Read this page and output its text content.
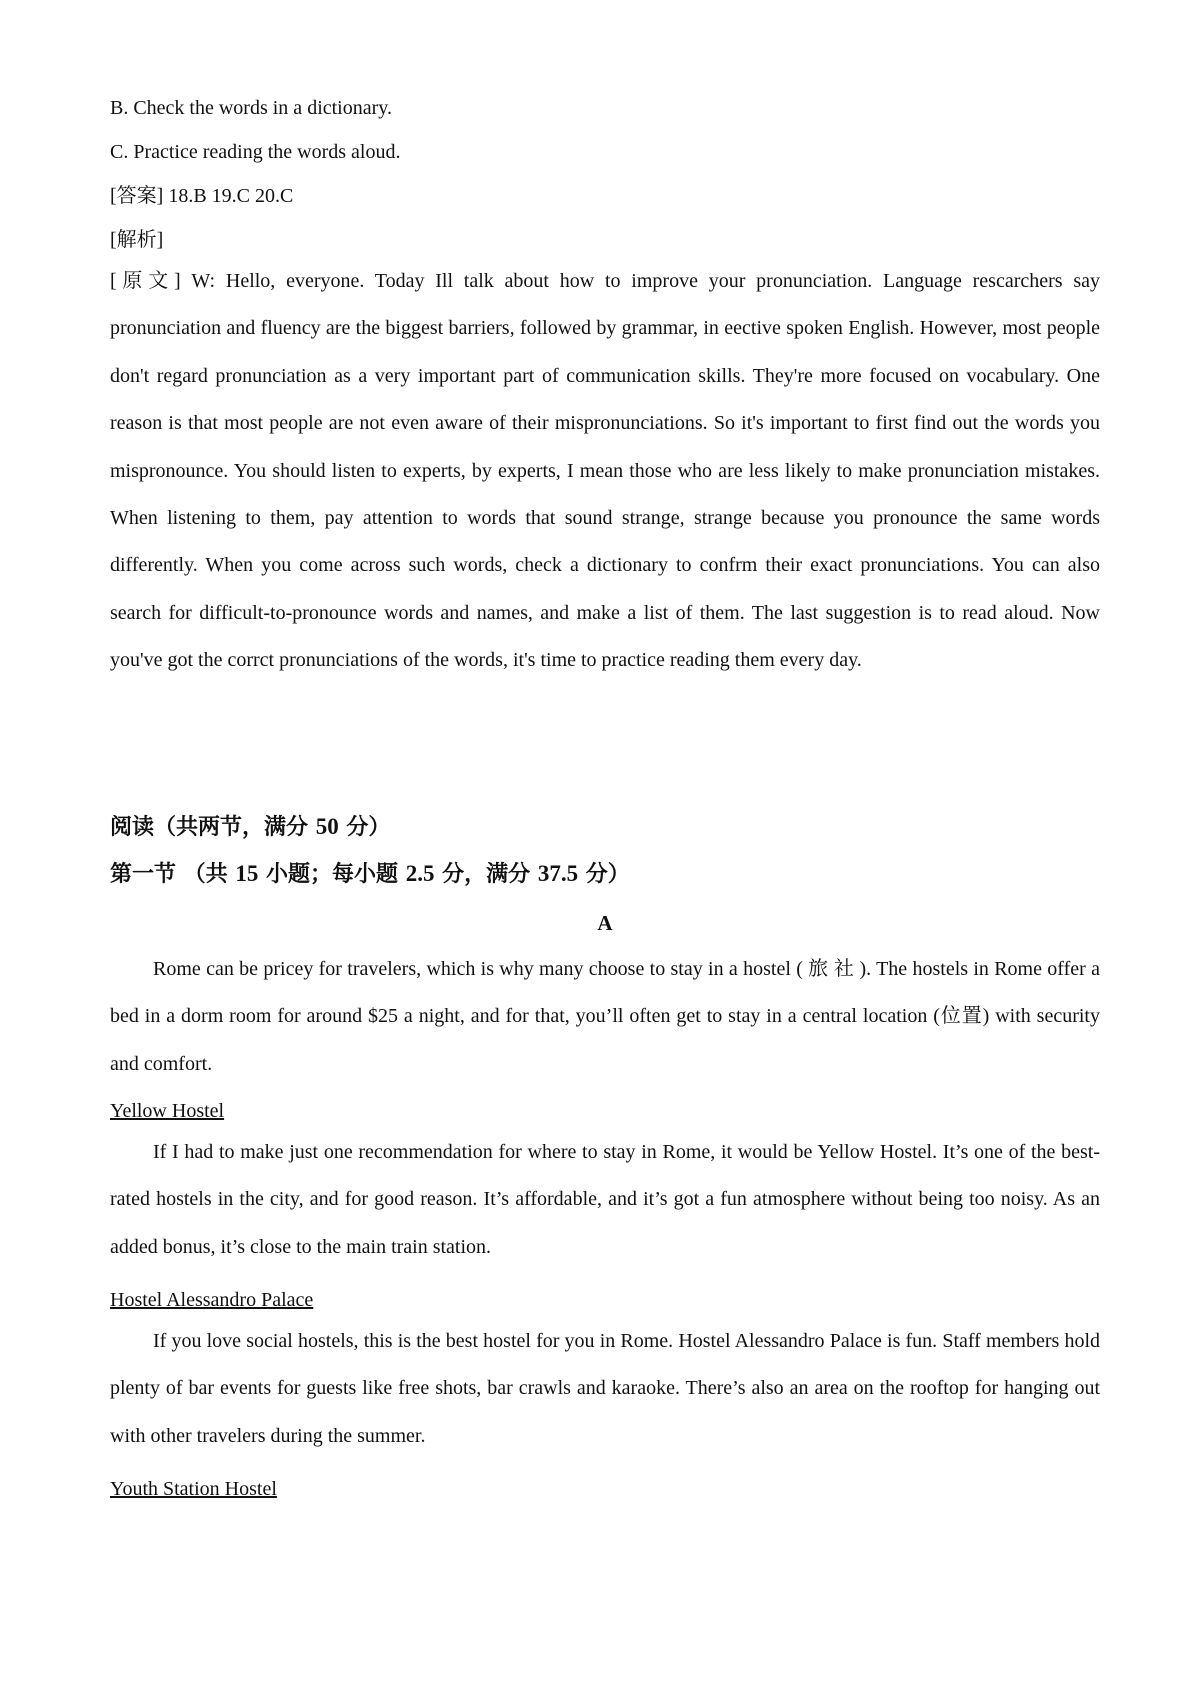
B. Check the words in a dictionary.
C. Practice reading the words aloud.
[答案] 18.B 19.C 20.C
[解析]
[原文] W: Hello, everyone. Today Ill talk about how to improve your pronunciation. Language rescarchers say pronunciation and fluency are the biggest barriers, followed by grammar, in eective spoken English. However, most people don't regard pronunciation as a very important part of communication skills. They're more focused on vocabulary. One reason is that most people are not even aware of their mispronunciations. So it's important to first find out the words you mispronounce. You should listen to experts, by experts, I mean those who are less likely to make pronunciation mistakes. When listening to them, pay attention to words that sound strange, strange because you pronounce the same words differently. When you come across such words, check a dictionary to confrm their exact pronunciations. You can also search for difficult-to-pronounce words and names, and make a list of them. The last suggestion is to read aloud. Now you've got the corrct pronunciations of the words, it's time to practice reading them every day.
阅读（共两节，满分 50 分）
第一节 （共 15 小题；每小题 2.5 分，满分 37.5 分）
A
Rome can be pricey for travelers, which is why many choose to stay in a hostel ( 旅 社 ). The hostels in Rome offer a bed in a dorm room for around $25 a night, and for that, you’ll often get to stay in a central location (位置) with security and comfort.
Yellow Hostel
If I had to make just one recommendation for where to stay in Rome, it would be Yellow Hostel. It’s one of the best-rated hostels in the city, and for good reason. It’s affordable, and it’s got a fun atmosphere without being too noisy. As an added bonus, it’s close to the main train station.
Hostel Alessandro Palace
If you love social hostels, this is the best hostel for you in Rome. Hostel Alessandro Palace is fun. Staff members hold plenty of bar events for guests like free shots, bar crawls and karaoke. There’s also an area on the rooftop for hanging out with other travelers during the summer.
Youth Station Hostel
